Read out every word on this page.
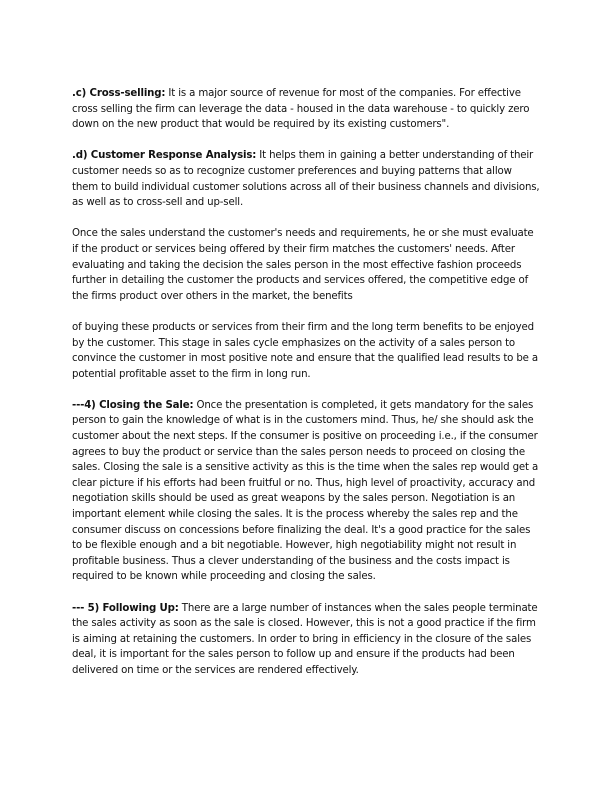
.c) Cross-selling: It is a major source of revenue for most of the companies. For effective cross selling the firm can leverage the data - housed in the data warehouse - to quickly zero down on the new product that would be required by its existing customers".

.d) Customer Response Analysis: It helps them in gaining a better understanding of their customer needs so as to recognize customer preferences and buying patterns that allow them to build individual customer solutions across all of their business channels and divisions, as well as to cross-sell and up-sell.

Once the sales understand the customer's needs and requirements, he or she must evaluate if the product or services being offered by their firm matches the customers' needs. After evaluating and taking the decision the sales person in the most effective fashion proceeds further in detailing the customer the products and services offered, the competitive edge of the firms product over others in the market, the benefits

of buying these products or services from their firm and the long term benefits to be enjoyed by the customer. This stage in sales cycle emphasizes on the activity of a sales person to convince the customer in most positive note and ensure that the qualified lead results to be a potential profitable asset to the firm in long run.

---4) Closing the Sale: Once the presentation is completed, it gets mandatory for the sales person to gain the knowledge of what is in the customers mind. Thus, he/ she should ask the customer about the next steps. If the consumer is positive on proceeding i.e., if the consumer agrees to buy the product or service than the sales person needs to proceed on closing the sales. Closing the sale is a sensitive activity as this is the time when the sales rep would get a clear picture if his efforts had been fruitful or no. Thus, high level of proactivity, accuracy and negotiation skills should be used as great weapons by the sales person. Negotiation is an important element while closing the sales. It is the process whereby the sales rep and the consumer discuss on concessions before finalizing the deal. It's a good practice for the sales to be flexible enough and a bit negotiable. However, high negotiability might not result in profitable business. Thus a clever understanding of the business and the costs impact is required to be known while proceeding and closing the sales.

--- 5) Following Up: There are a large number of instances when the sales people terminate the sales activity as soon as the sale is closed. However, this is not a good practice if the firm is aiming at retaining the customers. In order to bring in efficiency in the closure of the sales deal, it is important for the sales person to follow up and ensure if the products had been delivered on time or the services are rendered effectively.
